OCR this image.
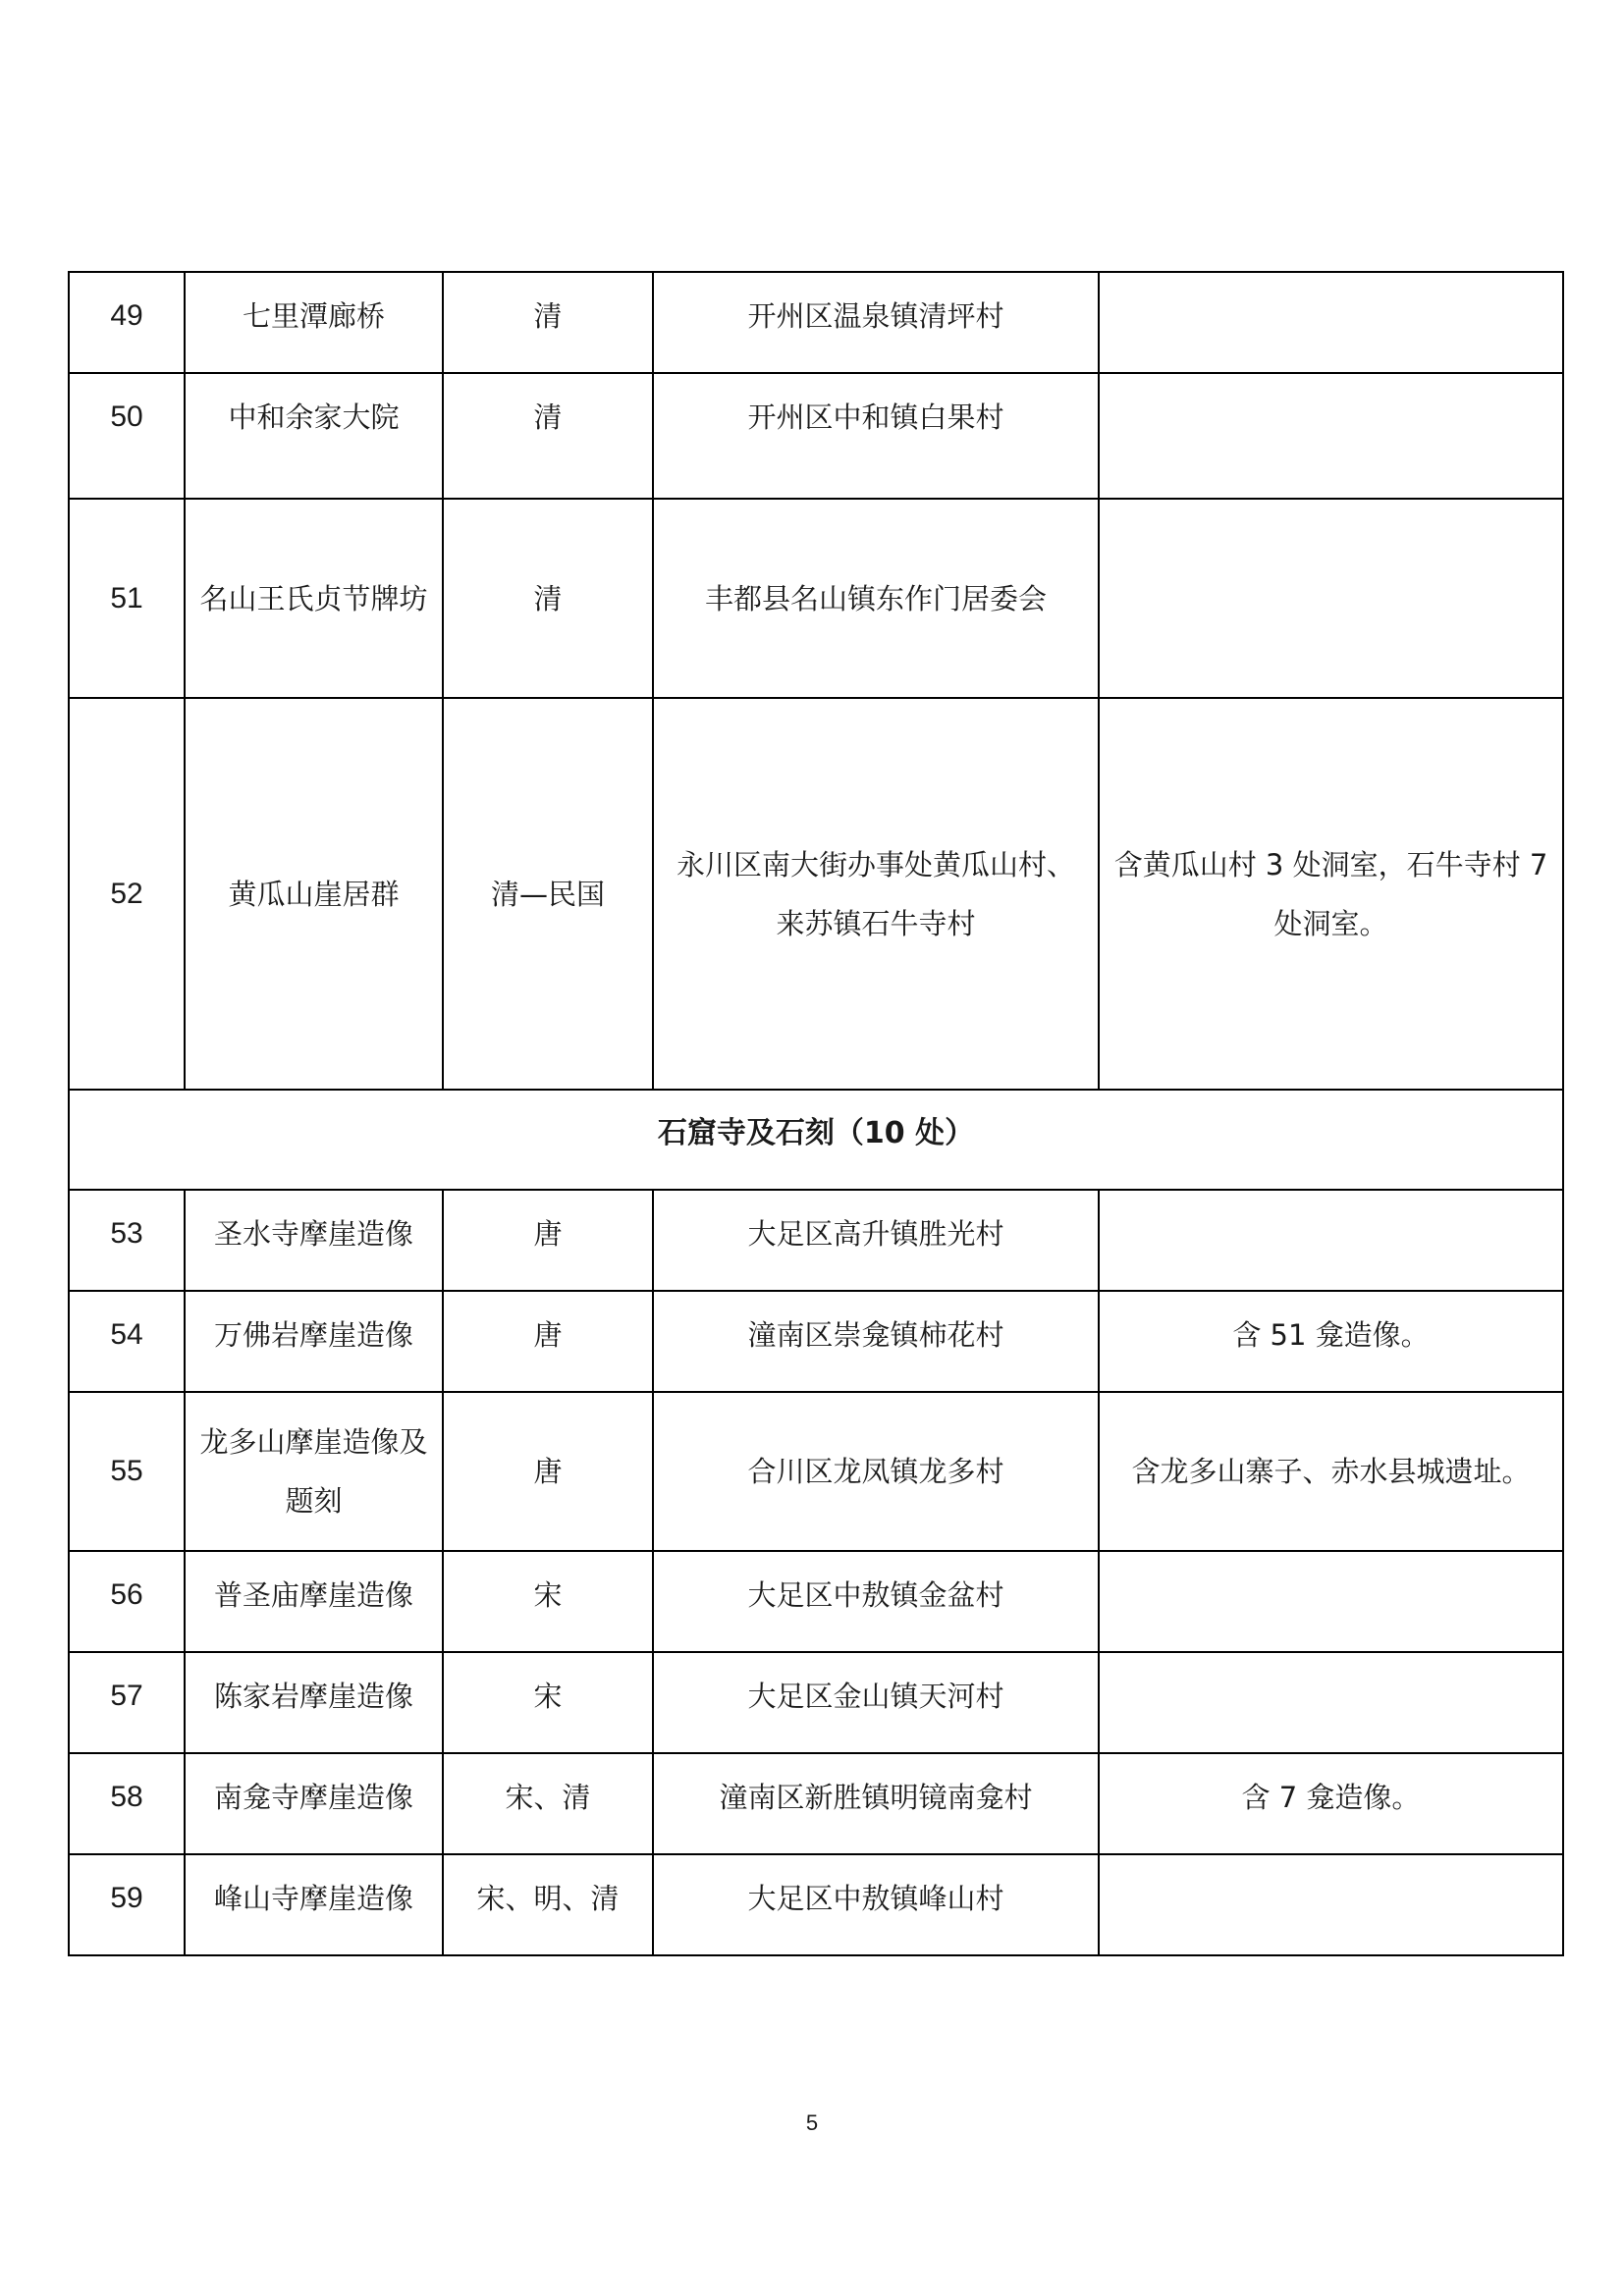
49	七里潭廊桥	清	开州区温泉镇清坪村	
50	中和余家大院	清	开州区中和镇白果村	
51	名山王氏贞节牌坊	清	丰都县名山镇东作门居委会	
52	黄瓜山崖居群	清—民国	永川区南大街办事处黄瓜山村、来苏镇石牛寺村	含黄瓜山村 3 处洞室，石牛寺村 7 处洞室。
石窟寺及石刻（10 处）				
53	圣水寺摩崖造像	唐	大足区高升镇胜光村	
54	万佛岩摩崖造像	唐	潼南区崇龛镇柿花村	含 51 龛造像。
55	龙多山摩崖造像及题刻	唐	合川区龙凤镇龙多村	含龙多山寨子、赤水县城遗址。
56	普圣庙摩崖造像	宋	大足区中敖镇金盆村	
57	陈家岩摩崖造像	宋	大足区金山镇天河村	
58	南龛寺摩崖造像	宋、清	潼南区新胜镇明镜南龛村	含 7 龛造像。
59	峰山寺摩崖造像	宋、明、清	大足区中敖镇峰山村	
5
